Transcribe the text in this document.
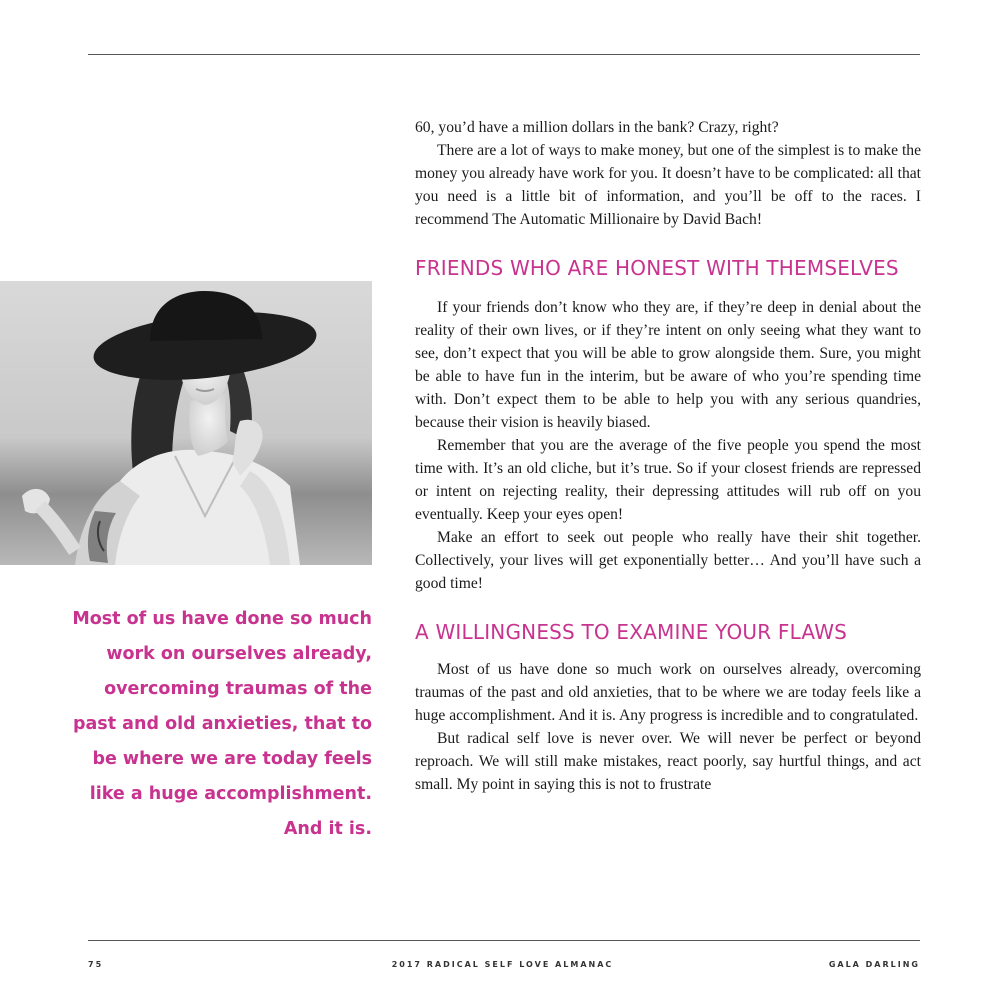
Most of us have done so much work on ourselves already, overcoming traumas of the past and old anxieties, that to be where we are today feels like a huge accomplishment. And it is.

60, you’d have a million dollars in the bank? Crazy, right?

There are a lot of ways to make money, but one of the simplest is to make the money you already have work for you. It doesn’t have to be complicated: all that you need is a little bit of information, and you’ll be off to the races. I recommend The Automatic Millionaire by David Bach!

FRIENDS WHO ARE HONEST WITH THEMSELVES

If your friends don’t know who they are, if they’re deep in denial about the reality of their own lives, or if they’re intent on only seeing what they want to see, don’t expect that you will be able to grow alongside them. Sure, you might be able to have fun in the interim, but be aware of who you’re spending time with. Don’t expect them to be able to help you with any serious quandries, because their vision is heavily biased.

Remember that you are the average of the five people you spend the most time with. It’s an old cliche, but it’s true. So if your closest friends are repressed or intent on rejecting reality, their depressing attitudes will rub off on you eventually. Keep your eyes open!

Make an effort to seek out people who really have their shit together. Collectively, your lives will get exponentially better… And you’ll have such a good time!

A WILLINGNESS TO EXAMINE YOUR FLAWS

Most of us have done so much work on ourselves already, overcoming traumas of the past and old anxieties, that to be where we are today feels like a huge accomplishment. And it is. Any progress is incredible and to congratulated.

But radical self love is never over. We will never be perfect or beyond reproach. We will still make mistakes, react poorly, say hurtful things, and act small. My point in saying this is not to frustrate

75	2017 RADICAL SELF LOVE ALMANAC	GALA DARLING
